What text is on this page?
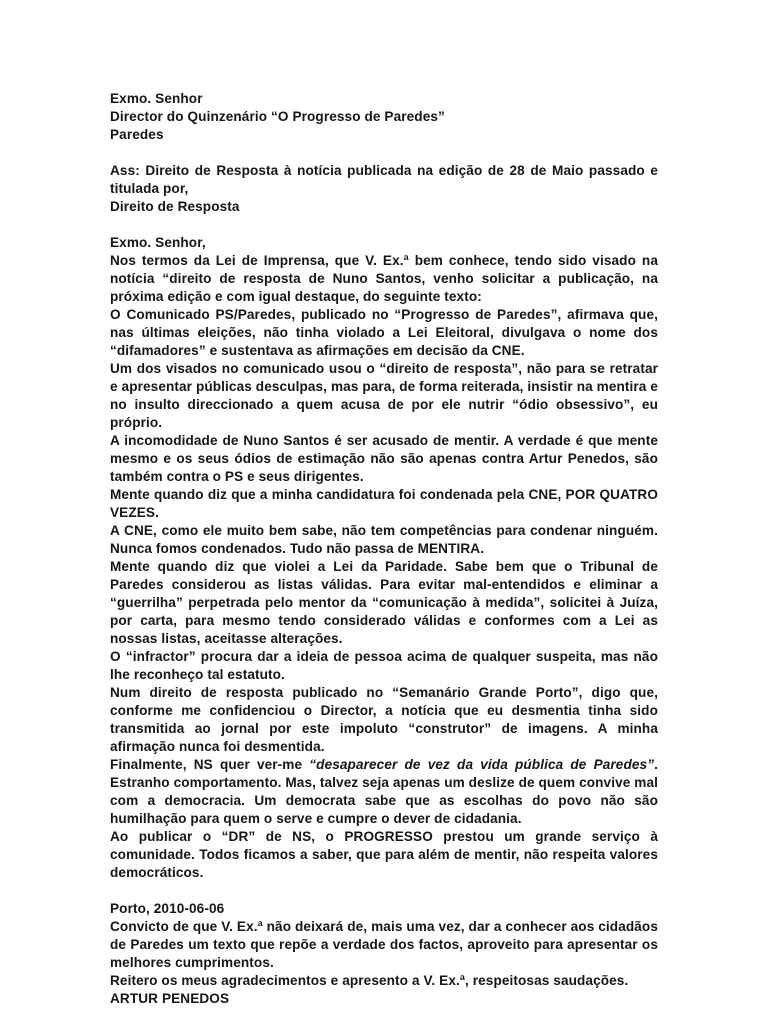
Exmo. Senhor

Director do Quinzenário “O Progresso de Paredes”

Paredes

Ass: Direito de Resposta à notícia publicada na edição de 28 de Maio passado e titulada por,

Direito de Resposta

Exmo. Senhor,

Nos termos da Lei de Imprensa, que V. Ex.ª bem conhece, tendo sido visado na notícia “direito de resposta de Nuno Santos, venho solicitar a publicação, na próxima edição e com igual destaque, do seguinte texto:

O Comunicado PS/Paredes, publicado no “Progresso de Paredes”, afirmava que, nas últimas eleições, não tinha violado a Lei Eleitoral, divulgava o nome dos “difamadores” e sustentava as afirmações em decisão da CNE.

Um dos visados no comunicado usou o “direito de resposta”, não para se retratar e apresentar públicas desculpas, mas para, de forma reiterada, insistir na mentira e no insulto direccionado a quem acusa de por ele nutrir “ódio obsessivo”, eu próprio.

A incomodidade de Nuno Santos é ser acusado de mentir. A verdade é que mente mesmo e os seus ódios de estimação não são apenas contra Artur Penedos, são também contra o PS e seus dirigentes.

Mente quando diz que a minha candidatura foi condenada pela CNE, POR QUATRO VEZES.

A CNE, como ele muito bem sabe, não tem competências para condenar ninguém. Nunca fomos condenados. Tudo não passa de MENTIRA.

Mente quando diz que violei a Lei da Paridade. Sabe bem que o Tribunal de Paredes considerou as listas válidas. Para evitar mal-entendidos e eliminar a “guerrilha” perpetrada pelo mentor da “comunicação à medida”, solicitei à Juíza, por carta, para mesmo tendo considerado válidas e conformes com a Lei as nossas listas, aceitasse alterações.

O “infractor” procura dar a ideia de pessoa acima de qualquer suspeita, mas não lhe reconheço tal estatuto.

Num direito de resposta publicado no “Semanário Grande Porto”, digo que, conforme me confidenciou o Director, a notícia que eu desmentia tinha sido transmitida ao jornal por este impoluto “construtor” de imagens. A minha afirmação nunca foi desmentida.

Finalmente, NS quer ver-me “desaparecer de vez da vida pública de Paredes”. Estranho comportamento. Mas, talvez seja apenas um deslize de quem convive mal com a democracia. Um democrata sabe que as escolhas do povo não são humilhação para quem o serve e cumpre o dever de cidadania.

Ao publicar o “DR” de NS, o PROGRESSO prestou um grande serviço à comunidade. Todos ficamos a saber, que para além de mentir, não respeita valores democráticos.

Porto, 2010-06-06

Convicto de que V. Ex.ª não deixará de, mais uma vez, dar a conhecer aos cidadãos de Paredes um texto que repõe a verdade dos factos, aproveito para apresentar os melhores cumprimentos.

Reitero os meus agradecimentos e apresento a V. Ex.ª, respeitosas saudações.

ARTUR PENEDOS
